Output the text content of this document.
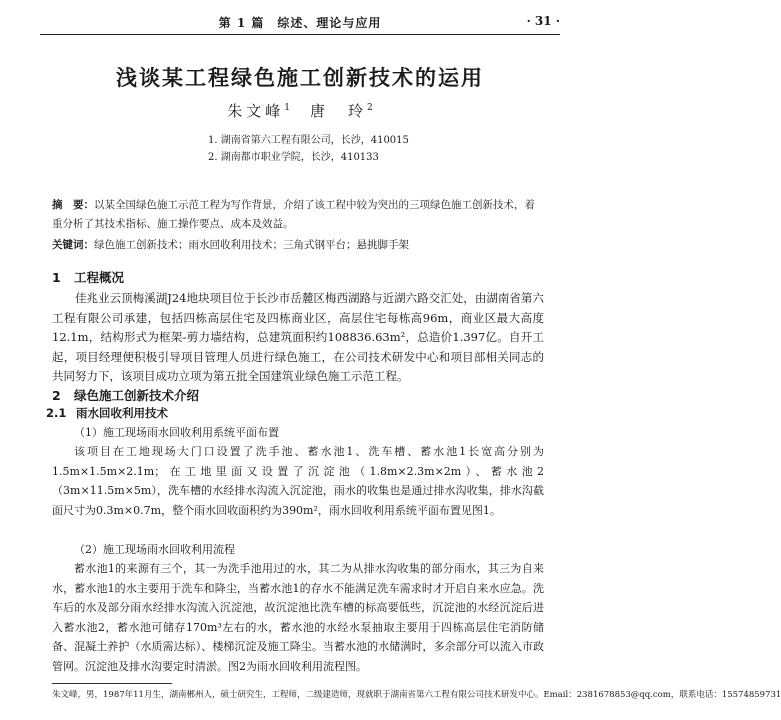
第 1 篇　综述、理论与应用	· 31 ·
浅谈某工程绿色施工创新技术的运用
朱文峰$^1$ 唐　玲$^2$
1. 湖南省第六工程有限公司，长沙，410015
2. 湖南都市职业学院，长沙，410133
摘　要：以某全国绿色施工示范工程为写作背景，介绍了该工程中较为突出的三项绿色施工创新技术，着重分析了其技术指标、施工操作要点、成本及效益。
关键词：绿色施工创新技术；雨水回收利用技术；三角式钢平台；悬挑脚手架
1 工程概况
佳兆业云顶梅溪湖J24地块项目位于长沙市岳麓区梅西湖路与近湖六路交汇处，由湖南省第六工程有限公司承建，包括四栋高层住宅及四栋商业区，高层住宅每栋高96m，商业区最大高度12.1m，结构形式为框架-剪力墙结构，总建筑面积约108836.63m²，总造价1.397亿。自开工起，项目经理便积极引导项目管理人员进行绿色施工，在公司技术研发中心和项目部相关同志的共同努力下，该项目成功立项为第五批全国建筑业绿色施工示范工程。
2 绿色施工创新技术介绍
2.1 雨水回收利用技术
（1）施工现场雨水回收利用系统平面布置
该项目在工地现场大门口设置了洗手池、蓄水池1、洗车槽、蓄水池1长宽高分别为1.5m×1.5m×2.1m；在工地里面又设置了沉淀池（1.8m×2.3m×2m）、蓄水池2（3m×11.5m×5m），洗车槽的水经排水沟流入沉淀池，雨水的收集也是通过排水沟收集，排水沟截面尺寸为0.3m×0.7m，整个雨水回收面积约为390m²，雨水回收利用系统平面布置见图1。
（2）施工现场雨水回收利用流程
蓄水池1的来源有三个，其一为洗手池用过的水，其二为从排水沟收集的部分雨水，其三为自来水，蓄水池1的水主要用于洗车和降尘，当蓄水池1的存水不能满足洗车需求时才开启自来水应急。洗车后的水及部分雨水经排水沟流入沉淀池，故沉淀池比洗车槽的标高要低些，沉淀池的水经沉淀后进入蓄水池2，蓄水池可储存170m³左右的水，蓄水池的水经水泵抽取主要用于四栋高层住宅消防储备、混凝土养护（水质需达标）、楼梯沉淀及施工降尘。当蓄水池的水储满时，多余部分可以流入市政管网。沉淀池及排水沟要定时清淤。图2为雨水回收利用流程图。
朱文峰，男，1987年11月生，湖南郴州人，硕士研究生，工程师，二级建造师，现就职于湖南省第六工程有限公司技术研发中心。Email：2381678853@qq.com，联系电话：15574859731
